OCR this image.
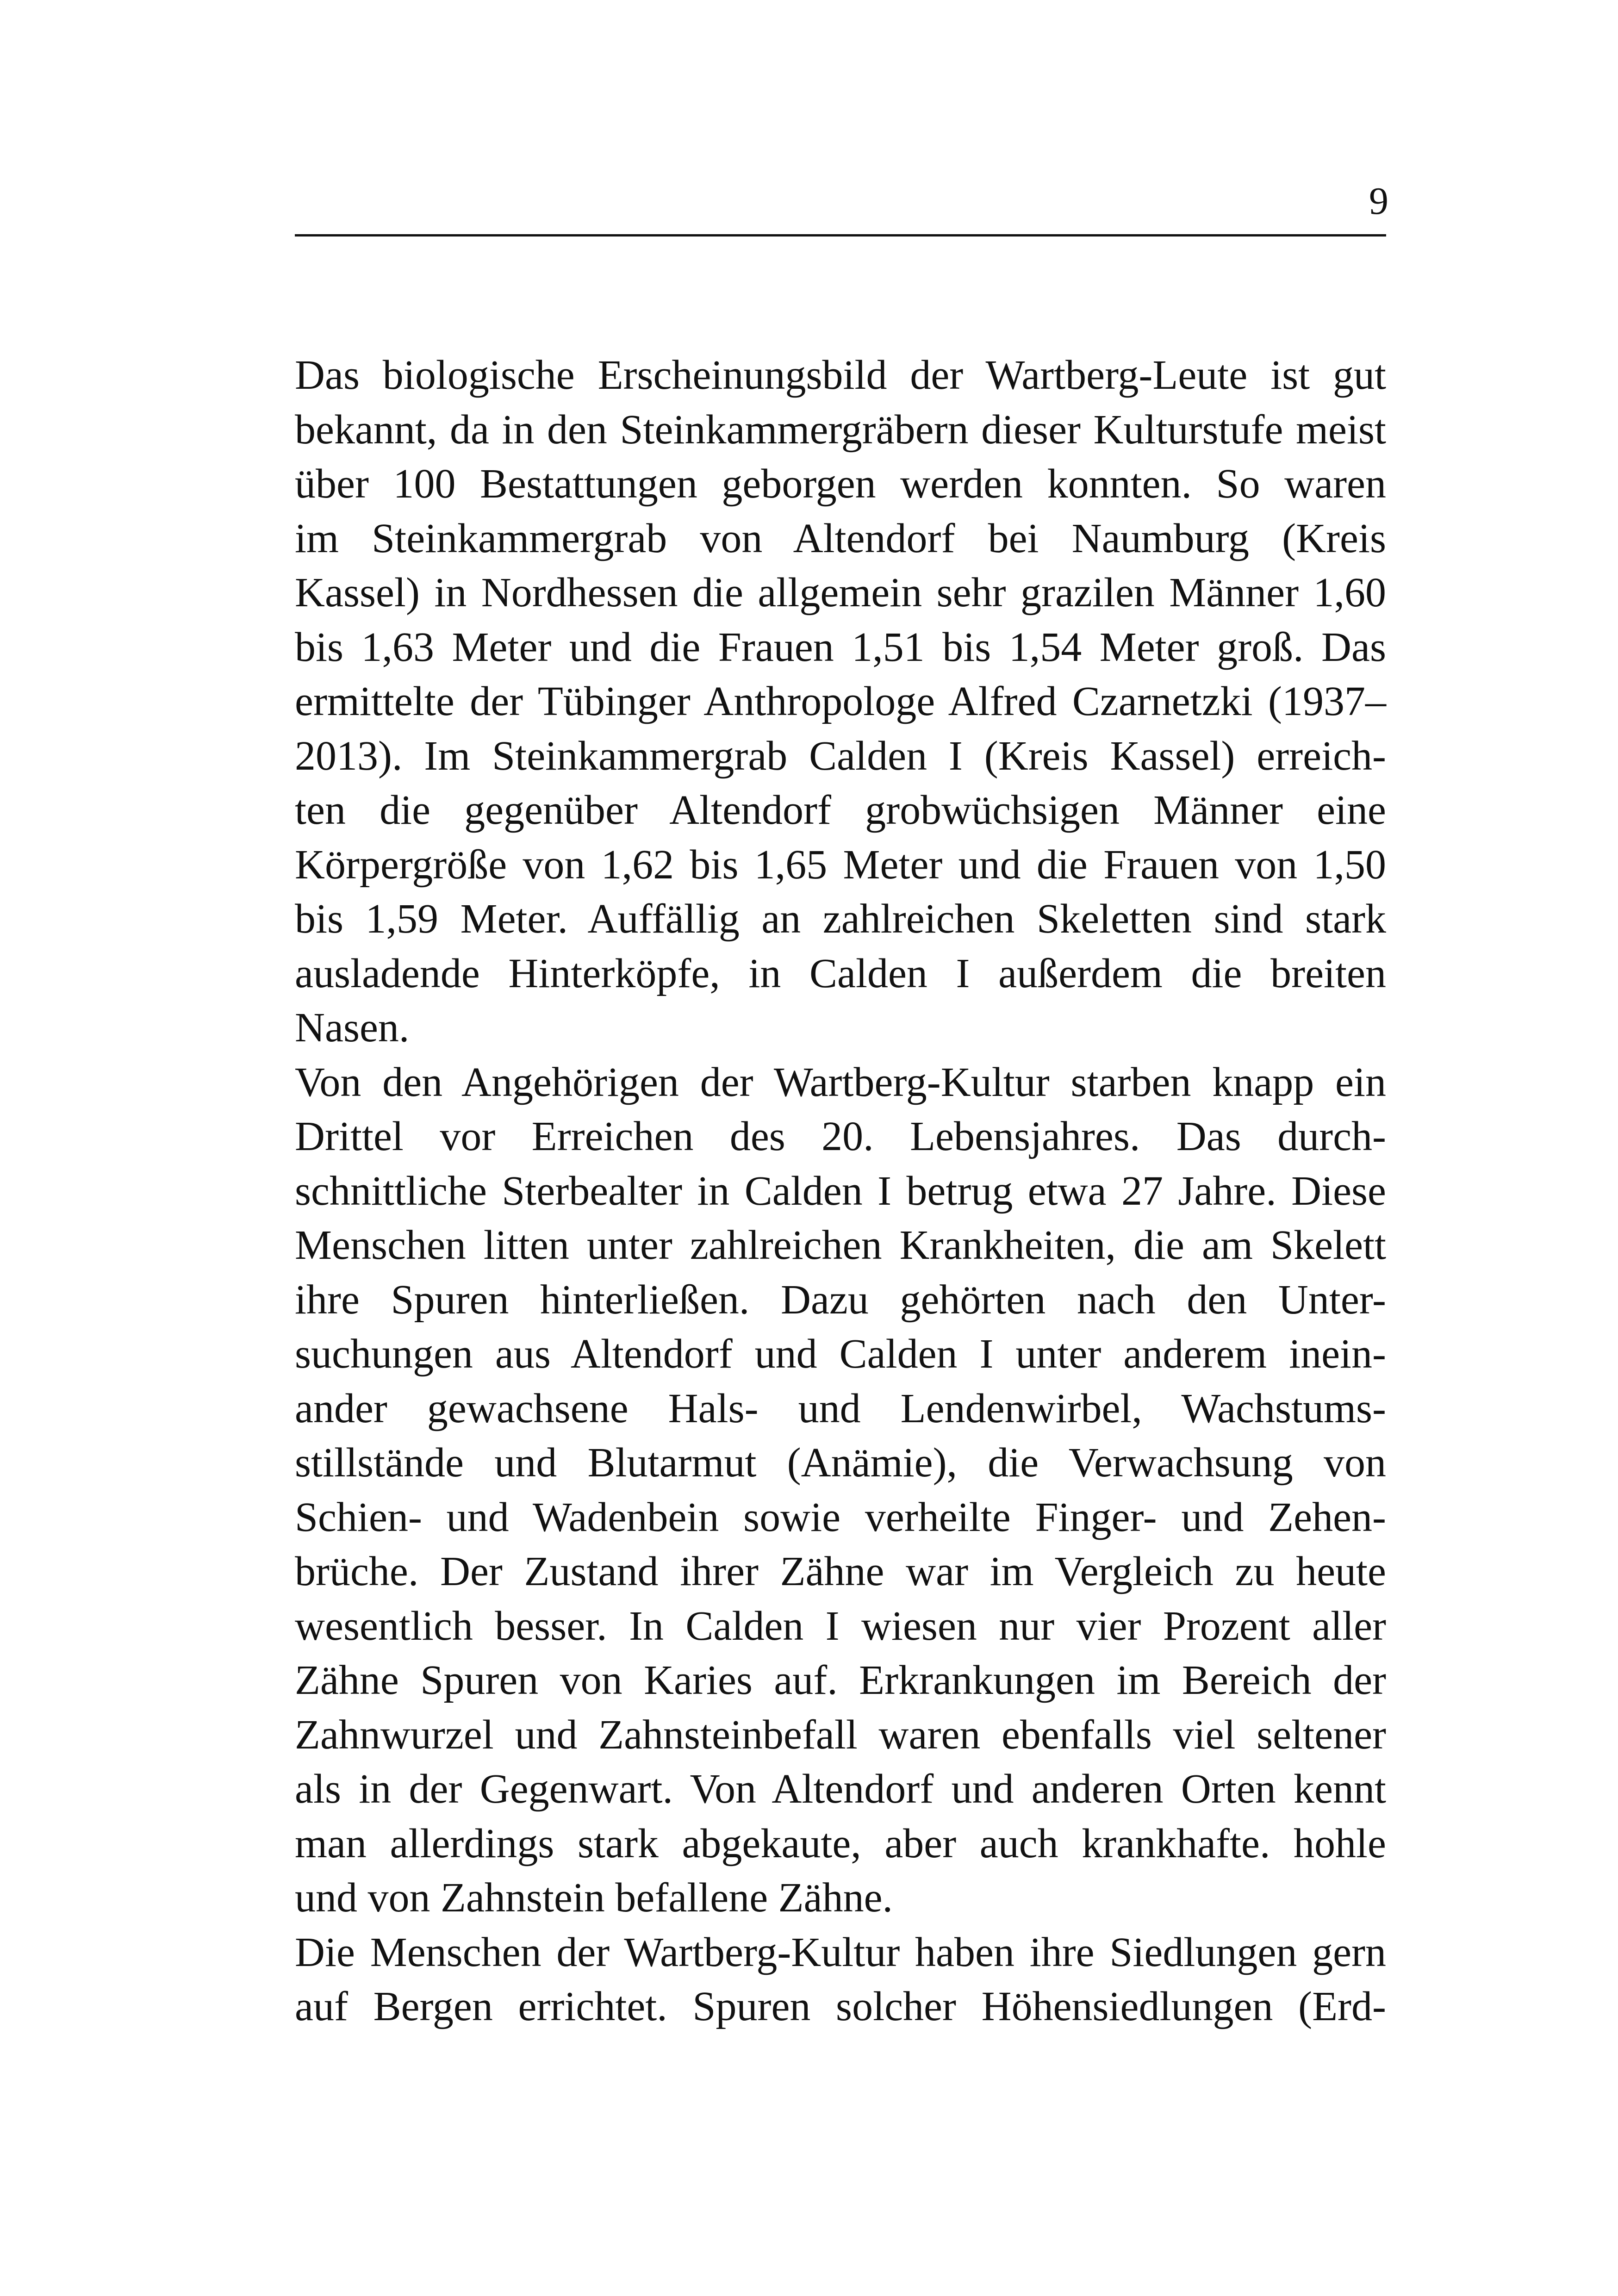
9
Das biologische Erscheinungsbild der Wartberg-Leute ist gut
bekannt, da in den Steinkammergräbern dieser Kulturstufe meist
über 100 Bestattungen geborgen werden konnten. So waren
im Steinkammergrab von Altendorf bei Naumburg (Kreis
Kassel) in Nordhessen die allgemein sehr grazilen Männer 1,60
bis 1,63 Meter und die Frauen 1,51 bis 1,54 Meter groß. Das
ermittelte der Tübinger Anthropologe Alfred Czarnetzki (1937–
2013). Im Steinkammergrab Calden I (Kreis Kassel) erreich-
ten die gegenüber Altendorf grobwüchsigen Männer eine
Körpergröße von 1,62 bis 1,65 Meter und die Frauen von 1,50
bis 1,59 Meter. Auffällig an zahlreichen Skeletten sind stark
ausladende Hinterköpfe, in Calden I außerdem die breiten
Nasen.
Von den Angehörigen der Wartberg-Kultur starben knapp ein
Drittel vor Erreichen des 20. Lebensjahres. Das durch-
schnittliche Sterbealter in Calden I betrug etwa 27 Jahre. Diese
Menschen litten unter zahlreichen Krankheiten, die am Skelett
ihre Spuren hinterließen. Dazu gehörten nach den Unter-
suchungen aus Altendorf und Calden I unter anderem inein-
ander gewachsene Hals- und Lendenwirbel, Wachstums-
stillstände und Blutarmut (Anämie), die Verwachsung von
Schien- und Wadenbein sowie verheilte Finger- und Zehen-
brüche. Der Zustand ihrer Zähne war im Vergleich zu heute
wesentlich besser. In Calden I wiesen nur vier Prozent aller
Zähne Spuren von Karies auf. Erkrankungen im Bereich der
Zahnwurzel und Zahnsteinbefall waren ebenfalls viel seltener
als in der Gegenwart. Von Altendorf und anderen Orten kennt
man allerdings stark abgekaute, aber auch krankhafte. hohle
und von Zahnstein befallene Zähne.
Die Menschen der Wartberg-Kultur haben ihre Siedlungen gern
auf Bergen errichtet. Spuren solcher Höhensiedlungen (Erd-
